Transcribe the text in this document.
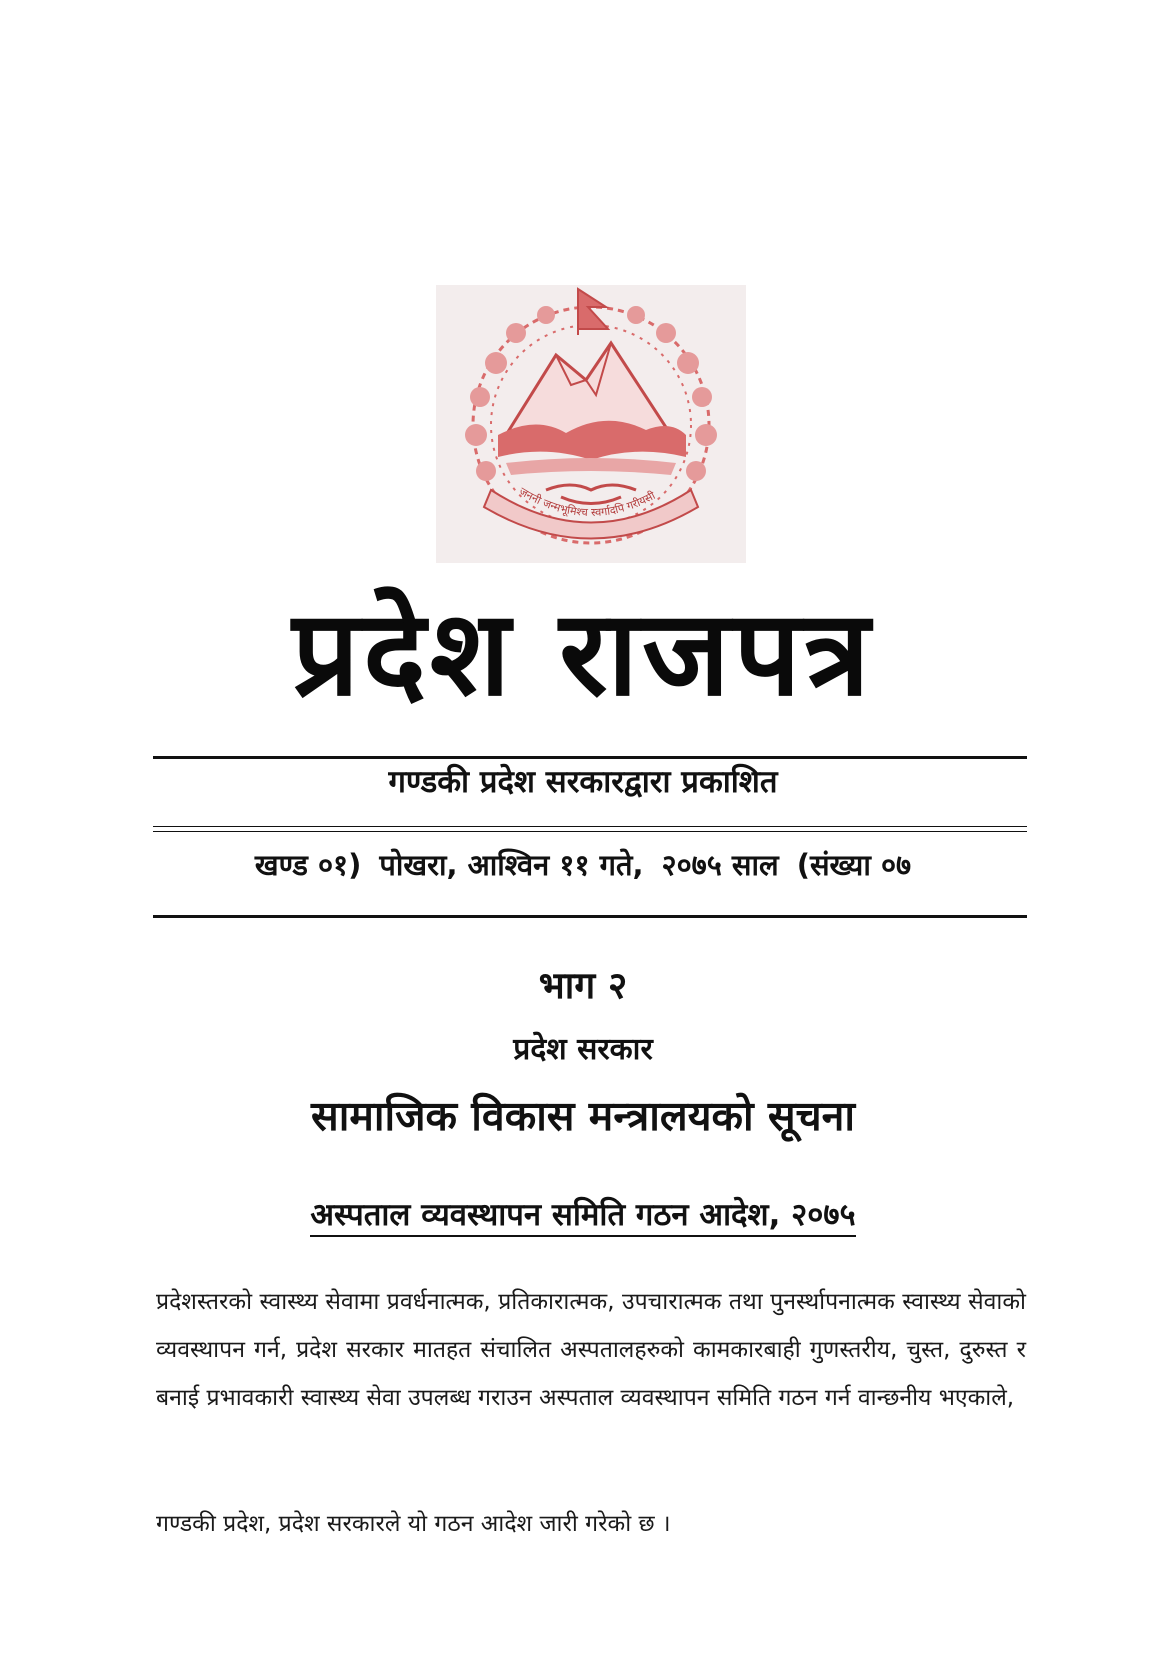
जननी जन्मभूमिश्च स्वर्गादपि गरीयसी
प्रदेश राजपत्र
गण्डकी प्रदेश सरकारद्वारा प्रकाशित
खण्ड ०१) पोखरा, आश्विन ११ गते, २०७५ साल (संख्या ०७
भाग २
प्रदेश सरकार
सामाजिक विकास मन्त्रालयको सूचना
अस्पताल व्यवस्थापन समिति गठन आदेश, २०७५
प्रदेशस्तरको स्वास्थ्य सेवामा प्रवर्धनात्मक, प्रतिकारात्मक, उपचारात्मक तथा पुनर्स्थापनात्मक स्वास्थ्य सेवाको व्यवस्थापन गर्न, प्रदेश सरकार मातहत संचालित अस्पतालहरुको कामकारबाही गुणस्तरीय, चुस्त, दुरुस्त र बनाई प्रभावकारी स्वास्थ्य सेवा उपलब्ध गराउन अस्पताल व्यवस्थापन समिति गठन गर्न वान्छनीय भएकाले,
गण्डकी प्रदेश, प्रदेश सरकारले यो गठन आदेश जारी गरेको छ ।
